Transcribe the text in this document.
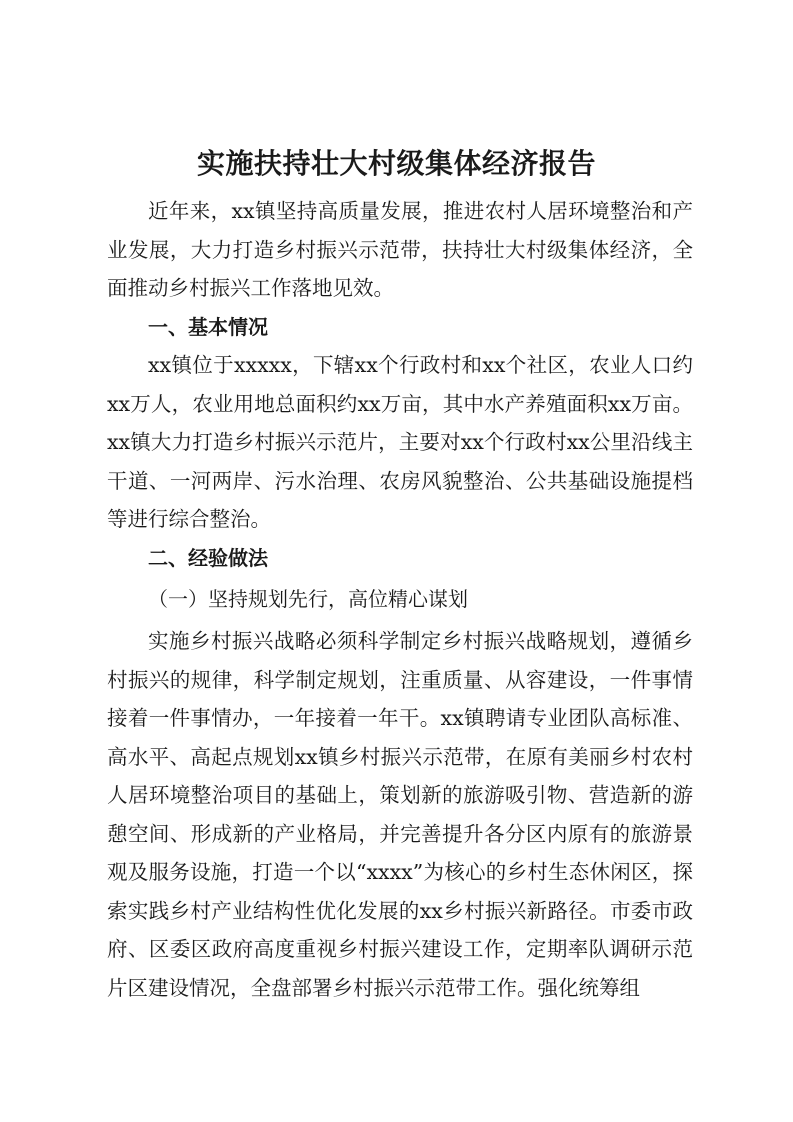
实施扶持壮大村级集体经济报告

近年来，xx镇坚持高质量发展，推进农村人居环境整治和产业发展，大力打造乡村振兴示范带，扶持壮大村级集体经济，全面推动乡村振兴工作落地见效。

一、基本情况

xx镇位于xxxxx，下辖xx个行政村和xx个社区，农业人口约xx万人，农业用地总面积约xx万亩，其中水产养殖面积xx万亩。xx镇大力打造乡村振兴示范片，主要对xx个行政村xx公里沿线主干道、一河两岸、污水治理、农房风貌整治、公共基础设施提档等进行综合整治。

二、经验做法

（一）坚持规划先行，高位精心谋划

实施乡村振兴战略必须科学制定乡村振兴战略规划，遵循乡村振兴的规律，科学制定规划，注重质量、从容建设，一件事情接着一件事情办，一年接着一年干。xx镇聘请专业团队高标准、高水平、高起点规划xx镇乡村振兴示范带，在原有美丽乡村农村人居环境整治项目的基础上，策划新的旅游吸引物、营造新的游憩空间、形成新的产业格局，并完善提升各分区内原有的旅游景观及服务设施，打造一个以“xxxx”为核心的乡村生态休闲区，探索实践乡村产业结构性优化发展的xx乡村振兴新路径。市委市政府、区委区政府高度重视乡村振兴建设工作，定期率队调研示范片区建设情况，全盘部署乡村振兴示范带工作。强化统筹组
